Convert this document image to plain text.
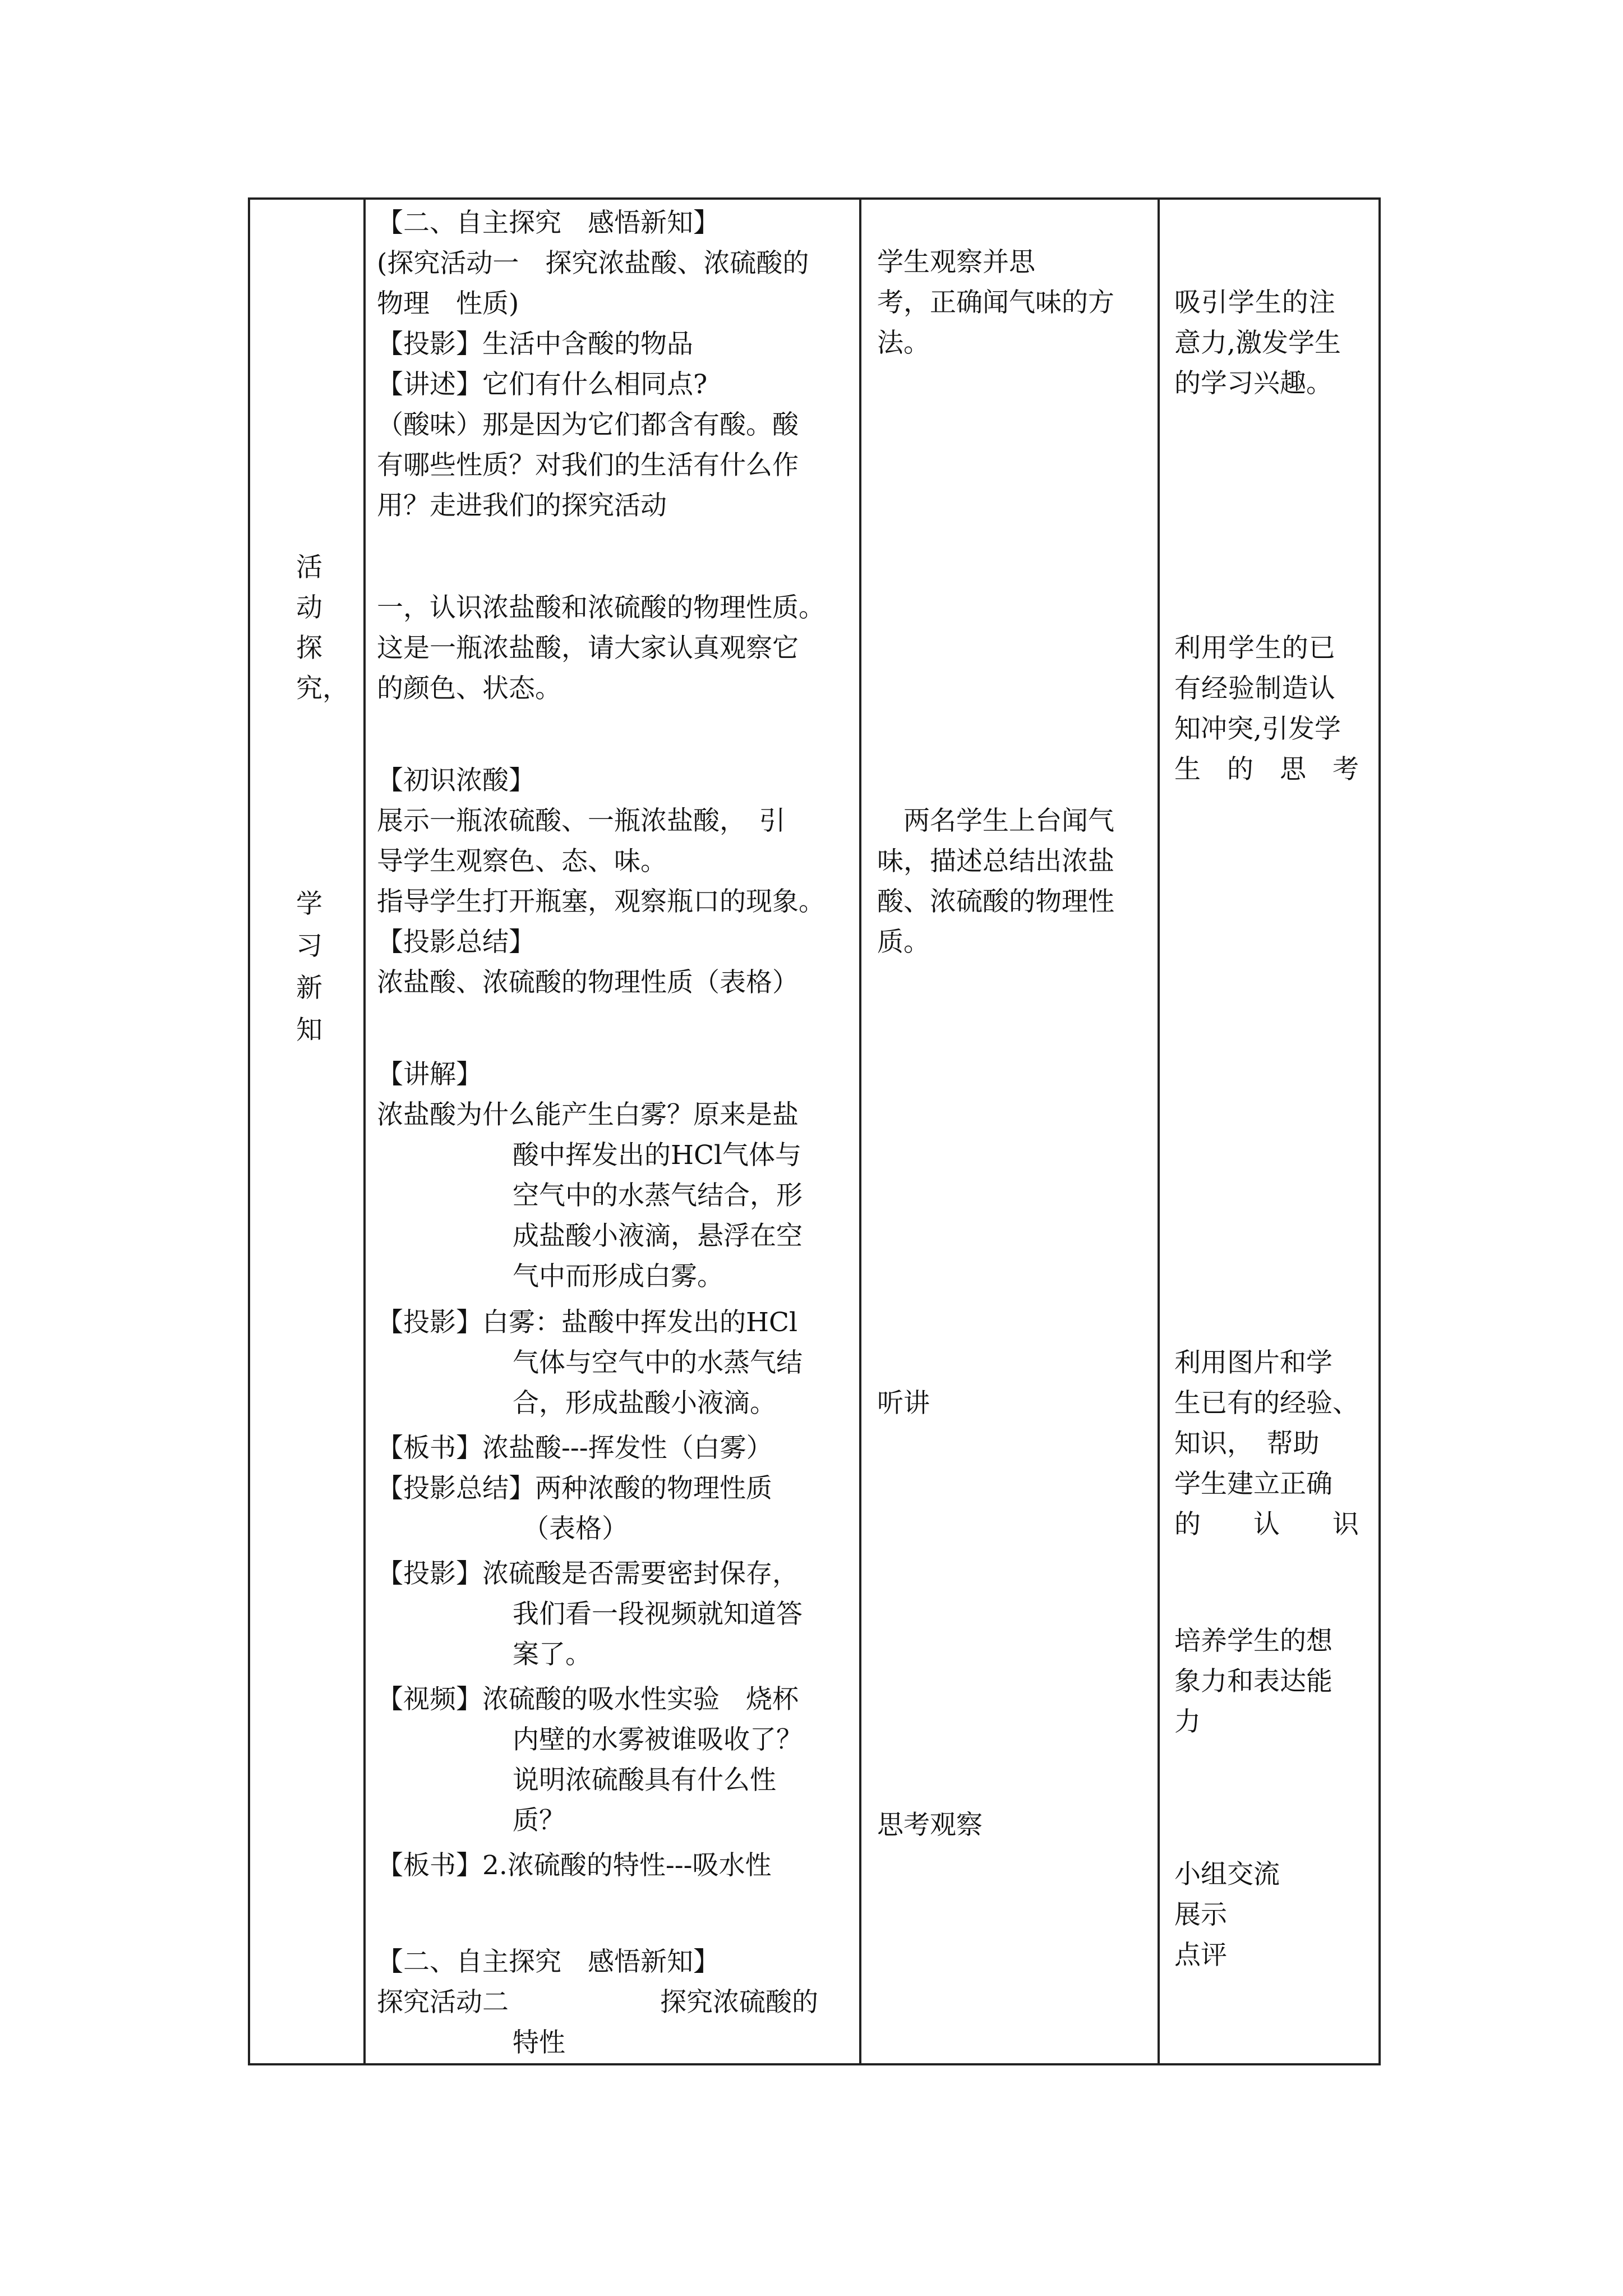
活
动
探
究，
学
习
新
知
【二、自主探究　感悟新知】
(探究活动一　探究浓盐酸、浓硫酸的
物理　性质)
【投影】生活中含酸的物品
【讲述】它们有什么相同点?
（酸味）那是因为它们都含有酸。酸
有哪些性质？对我们的生活有什么作
用？走进我们的探究活动
一，认识浓盐酸和浓硫酸的物理性质。
这是一瓶浓盐酸，请大家认真观察它
的颜色、状态。
【初识浓酸】
展示一瓶浓硫酸、一瓶浓盐酸，　引
导学生观察色、态、味。
指导学生打开瓶塞，观察瓶口的现象。
【投影总结】
浓盐酸、浓硫酸的物理性质（表格）
【讲解】
浓盐酸为什么能产生白雾？原来是盐
酸中挥发出的HCl气体与
空气中的水蒸气结合，形
成盐酸小液滴，悬浮在空
气中而形成白雾。
【投影】白雾：盐酸中挥发出的HCl
气体与空气中的水蒸气结
合，形成盐酸小液滴。
【板书】浓盐酸---挥发性（白雾）
【投影总结】两种浓酸的物理性质
（表格）
【投影】浓硫酸是否需要密封保存，
我们看一段视频就知道答
案了。
【视频】浓硫酸的吸水性实验　烧杯
内壁的水雾被谁吸收了？
说明浓硫酸具有什么性
质？
【板书】2.浓硫酸的特性---吸水性
【二、自主探究　感悟新知】
探究活动二	探究浓硫酸的
特性
学生观察并思
考，正确闻气味的方
法。
两名学生上台闻气
味，描述总结出浓盐
酸、浓硫酸的物理性
质。
听讲
思考观察
吸引学生的注
意力,激发学生
的学习兴趣。
利用学生的已
有经验制造认
知冲突,引发学
生　的　思　考
利用图片和学
生已有的经验、
知识，　帮助
学生建立正确
的　　认　　识
培养学生的想
象力和表达能
力
小组交流
展示
点评
